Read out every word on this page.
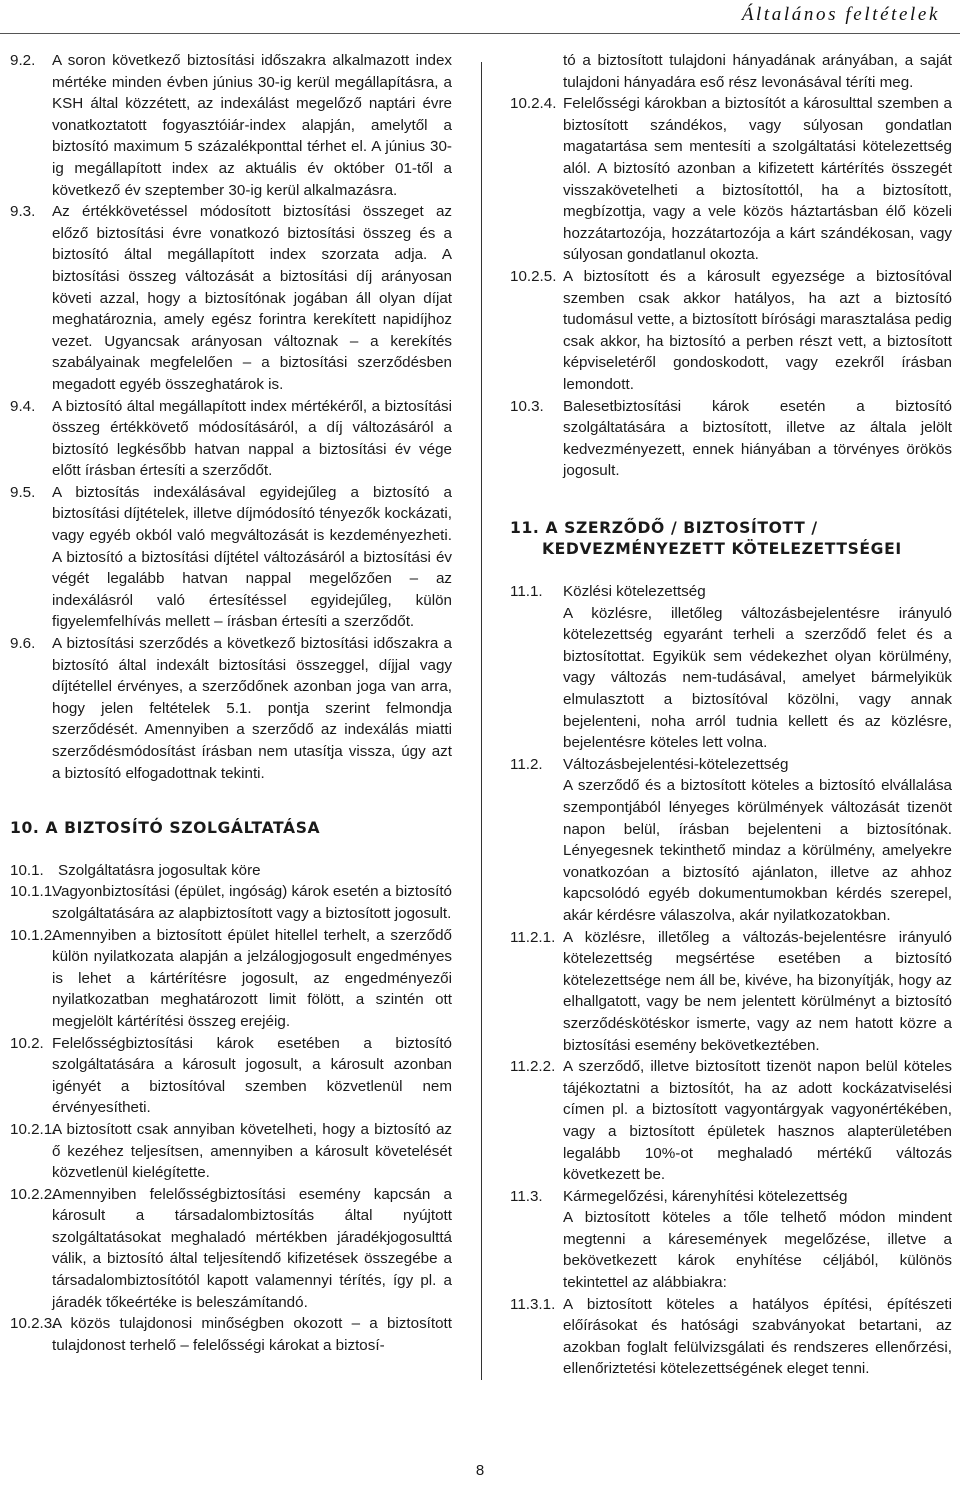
Általános feltételek
9.2.	A soron következő biztosítási időszakra alkalmazott index mértéke minden évben június 30-ig kerül megállapításra, a KSH által közzétett, az indexálást megelőző naptári évre vonatkoztatott fogyasztóiár-index alapján, amelytől a biztosító maximum 5 százalékponttal térhet el. A június 30-ig megállapított index az aktuális év október 01-től a következő év szeptember 30-ig kerül alkalmazásra.
9.3.	Az értékkövetéssel módosított biztosítási összeget az előző biztosítási évre vonatkozó biztosítási összeg és a biztosító által megállapított index szorzata adja. A biztosítási összeg változását a biztosítási díj arányosan követi azzal, hogy a biztosítónak jogában áll olyan díjat meghatároznia, amely egész forintra kerekített napidíjhoz vezet. Ugyancsak arányosan változnak – a kerekítés szabályainak megfelelően – a biztosítási szerződésben megadott egyéb összeghatárok is.
9.4.	A biztosító által megállapított index mértékéről, a biztosítási összeg értékkövető módosításáról, a díj változásáról a biztosító legkésőbb hatvan nappal a biztosítási év vége előtt írásban értesíti a szerződőt.
9.5.	A biztosítás indexálásával egyidejűleg a biztosító a biztosítási díjtételek, illetve díjmódosító tényezők kockázati, vagy egyéb okból való megváltozását is kezdeményezheti. A biztosító a biztosítási díjtétel változásáról a biztosítási év végét legalább hatvan nappal megelőzően – az indexálásról való értesítéssel egyidejűleg, külön figyelemfelhívás mellett – írásban értesíti a szerződőt.
9.6.	A biztosítási szerződés a következő biztosítási időszakra a biztosító által indexált biztosítási összeggel, díjjal vagy díjtétellel érvényes, a szerződőnek azonban joga van arra, hogy jelen feltételek 5.1. pontja szerint felmondja szerződését. Amennyiben a szerződő az indexálás miatti szerződésmódosítást írásban nem utasítja vissza, úgy azt a biztosító elfogadottnak tekinti.
10. A BIZTOSÍTÓ SZOLGÁLTATÁSA
10.1. Szolgáltatásra jogosultak köre
10.1.1.
Vagyonbiztosítási (épület, ingóság) károk esetén a biztosító szolgáltatására az alapbiztosított vagy a biztosított jogosult.
10.1.2.
Amennyiben a biztosított épület hitellel terhelt, a szerződő külön nyilatkozata alapján a jelzálogjogosult engedményes is lehet a kártérítésre jogosult, az engedményezői nyilatkozatban meghatározott limit fölött, a szintén ott megjelölt kártérítési összeg erejéig.
10.2. Felelősségbiztosítási károk esetében a biztosító szolgáltatására a károsult jogosult, a károsult azonban igényét a biztosítóval szemben közvetlenül nem érvényesítheti.
10.2.1.
A biztosított csak annyiban követelheti, hogy a biztosító az ő kezéhez teljesítsen, amennyiben a károsult követelését közvetlenül kielégítette.
10.2.2.
Amennyiben felelősségbiztosítási esemény kapcsán a károsult a társadalombiztosítás által nyújtott szolgáltatásokat meghaladó mértékben járadékjogosulttá válik, a biztosító által teljesítendő kifizetések összegébe a társadalombiztosítótól kapott valamennyi térítés, így pl. a járadék tőkeértéke is beleszámítandó.
10.2.3.
A közös tulajdonosi minőségben okozott – a biztosított tulajdonost terhelő – felelősségi károkat a biztosí-
tó a biztosított tulajdoni hányadának arányában, a saját tulajdoni hányadára eső rész levonásával téríti meg.
10.2.4. Felelősségi károkban a biztosítót a károsulttal szemben a biztosított szándékos, vagy súlyosan gondatlan magatartása sem mentesíti a szolgáltatási kötelezettség alól. A biztosító azonban a kifizetett kártérítés összegét visszakövetelheti a biztosítottól, ha a biztosított, megbízottja, vagy a vele közös háztartásban élő közeli hozzátartozója, hozzátartozója a kárt szándékosan, vagy súlyosan gondatlanul okozta.
10.2.5. A biztosított és a károsult egyezsége a biztosítóval szemben csak akkor hatályos, ha azt a biztosító tudomásul vette, a biztosított bírósági marasztalása pedig csak akkor, ha biztosító a perben részt vett, a biztosított képviseletéről gondoskodott, vagy ezekről írásban lemondott.
10.3.	Balesetbiztosítási károk esetén a biztosító szolgáltatására a biztosított, illetve az általa jelölt kedvezményezett, ennek hiányában a törvényes örökös jogosult.
11. A SZERZŐDŐ / BIZTOSÍTOTT /
KEDVEZMÉNYEZETT KÖTELEZETTSÉGEI
11.1.	Közlési kötelezettség
A közlésre, illetőleg változásbejelentésre irányuló kötelezettség egyaránt terheli a szerződő felet és a biztosítottat. Egyikük sem védekezhet olyan körülmény, vagy változás nem-tudásával, amelyet bármelyikük elmulasztott a biztosítóval közölni, vagy annak bejelenteni, noha arról tudnia kellett és az közlésre, bejelentésre köteles lett volna.
11.2.	Változásbejelentési-kötelezettség
A szerződő és a biztosított köteles a biztosító elvállalása szempontjából lényeges körülmények változását tizenöt napon belül, írásban bejelenteni a biztosítónak. Lényegesnek tekinthető mindaz a körülmény, amelyekre vonatkozóan a biztosító ajánlaton, illetve az ahhoz kapcsolódó egyéb dokumentumokban kérdés szerepel, akár kérdésre válaszolva, akár nyilatkozatokban.
11.2.1. A közlésre, illetőleg a változás-bejelentésre irányuló kötelezettség megsértése esetében a biztosító kötelezettsége nem áll be, kivéve, ha bizonyítják, hogy az elhallgatott, vagy be nem jelentett körülményt a biztosító szerződéskötéskor ismerte, vagy az nem hatott közre a biztosítási esemény bekövetkeztében.
11.2.2. A szerződő, illetve biztosított tizenöt napon belül köteles tájékoztatni a biztosítót, ha az adott kockázatviselési címen pl. a biztosított vagyontárgyak vagyonértékében, vagy a biztosított épületek hasznos alapterületében legalább 10%-ot meghaladó mértékű változás következett be.
11.3.	Kármegelőzési, kárenyhítési kötelezettség
A biztosított köteles a tőle telhető módon mindent megtenni a káresemények megelőzése, illetve a bekövetkezett károk enyhítése céljából, különös tekintettel az alábbiakra:
11.3.1. A biztosított köteles a hatályos építési, építészeti előírásokat és hatósági szabványokat betartani, az azokban foglalt felülvizsgálati és rendszeres ellenőrzési, ellenőriztetési kötelezettségének eleget tenni.
8
